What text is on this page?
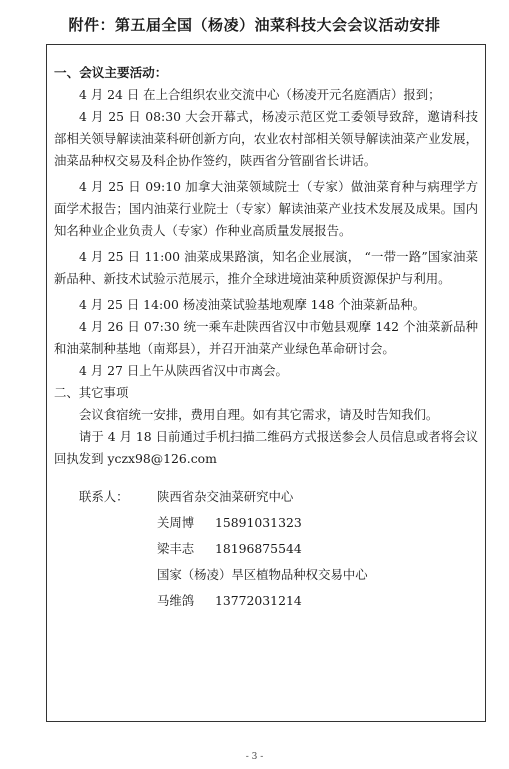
附件：第五届全国（杨凌）油菜科技大会会议活动安排

一、会议主要活动：

4 月 24 日 在上合组织农业交流中心（杨凌开元名庭酒店）报到；

4 月 25 日 08:30 大会开幕式，杨凌示范区党工委领导致辞，邀请科技部相关领导解读油菜科研创新方向，农业农村部相关领导解读油菜产业发展，油菜品种权交易及科企协作签约，陕西省分管副省长讲话。

4 月 25 日 09:10 加拿大油菜领域院士（专家）做油菜育种与病理学方面学术报告；国内油菜行业院士（专家）解读油菜产业技术发展及成果。国内知名种业企业负责人（专家）作种业高质量发展报告。

4 月 25 日 11:00 油菜成果路演，知名企业展演， “一带一路”国家油菜新品种、新技术试验示范展示，推介全球进境油菜种质资源保护与利用。

4 月 25 日 14:00 杨凌油菜试验基地观摩 148 个油菜新品种。

4 月 26 日 07:30 统一乘车赴陕西省汉中市勉县观摩 142 个油菜新品种和油菜制种基地（南郑县），并召开油菜产业绿色革命研讨会。

4 月 27 日上午从陕西省汉中市离会。

二、其它事项

会议食宿统一安排，费用自理。如有其它需求，请及时告知我们。

请于 4 月 18 日前通过手机扫描二维码方式报送参会人员信息或者将会议回执发到 yczx98@126.com

联系人： 陕西省杂交油菜研究中心
关周博 15891031323
梁丰志 18196875544
国家（杨凌）旱区植物品种权交易中心
马维鸽 13772031214
- 3 -
